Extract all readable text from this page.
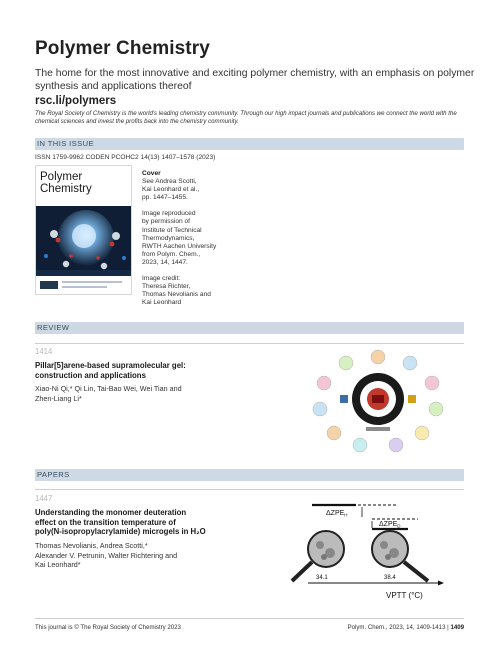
Polymer Chemistry
The home for the most innovative and exciting polymer chemistry, with an emphasis on polymer synthesis and applications thereof
rsc.li/polymers
The Royal Society of Chemistry is the world's leading chemistry community. Through our high impact journals and publications we connect the world with the chemical sciences and invest the profits back into the chemistry community.
IN THIS ISSUE
ISSN 1759-9962 CODEN PCOHC2 14(13) 1407–1578 (2023)
Polymer
Chemistry

Cover
See Andrea Scotti,
Kai Leonhard et al.,
pp. 1447–1455.

Image reproduced
by permission of
Institute of Technical
Thermodynamics,
RWTH Aachen University
from Polym. Chem.,
2023, 14, 1447.

Image credit:
Theresa Richter,
Thomas Nevolianis and
Kai Leonhard

REVIEW
1414
Pillar[5]arene-based supramolecular gel:
construction and applications
Xiao-Ni Qi,* Qi Lin, Tai-Bao Wei, Wei Tian and
Zhen-Liang Li*
PAPERS
1447
Understanding the monomer deuteration
effect on the transition temperature of
poly(N-isopropylacrylamide) microgels in H₂O
Thomas Nevolianis, Andrea Scotti,*
Alexander V. Petrunin, Walter Richtering and
Kai Leonhard*
$\Delta ZPE_H$
$\Delta ZPE_D$
34.1	38.4
VPTT (°C)
This journal is © The Royal Society of Chemistry 2023	Polym. Chem., 2023, 14, 1409-1413 | 1409
